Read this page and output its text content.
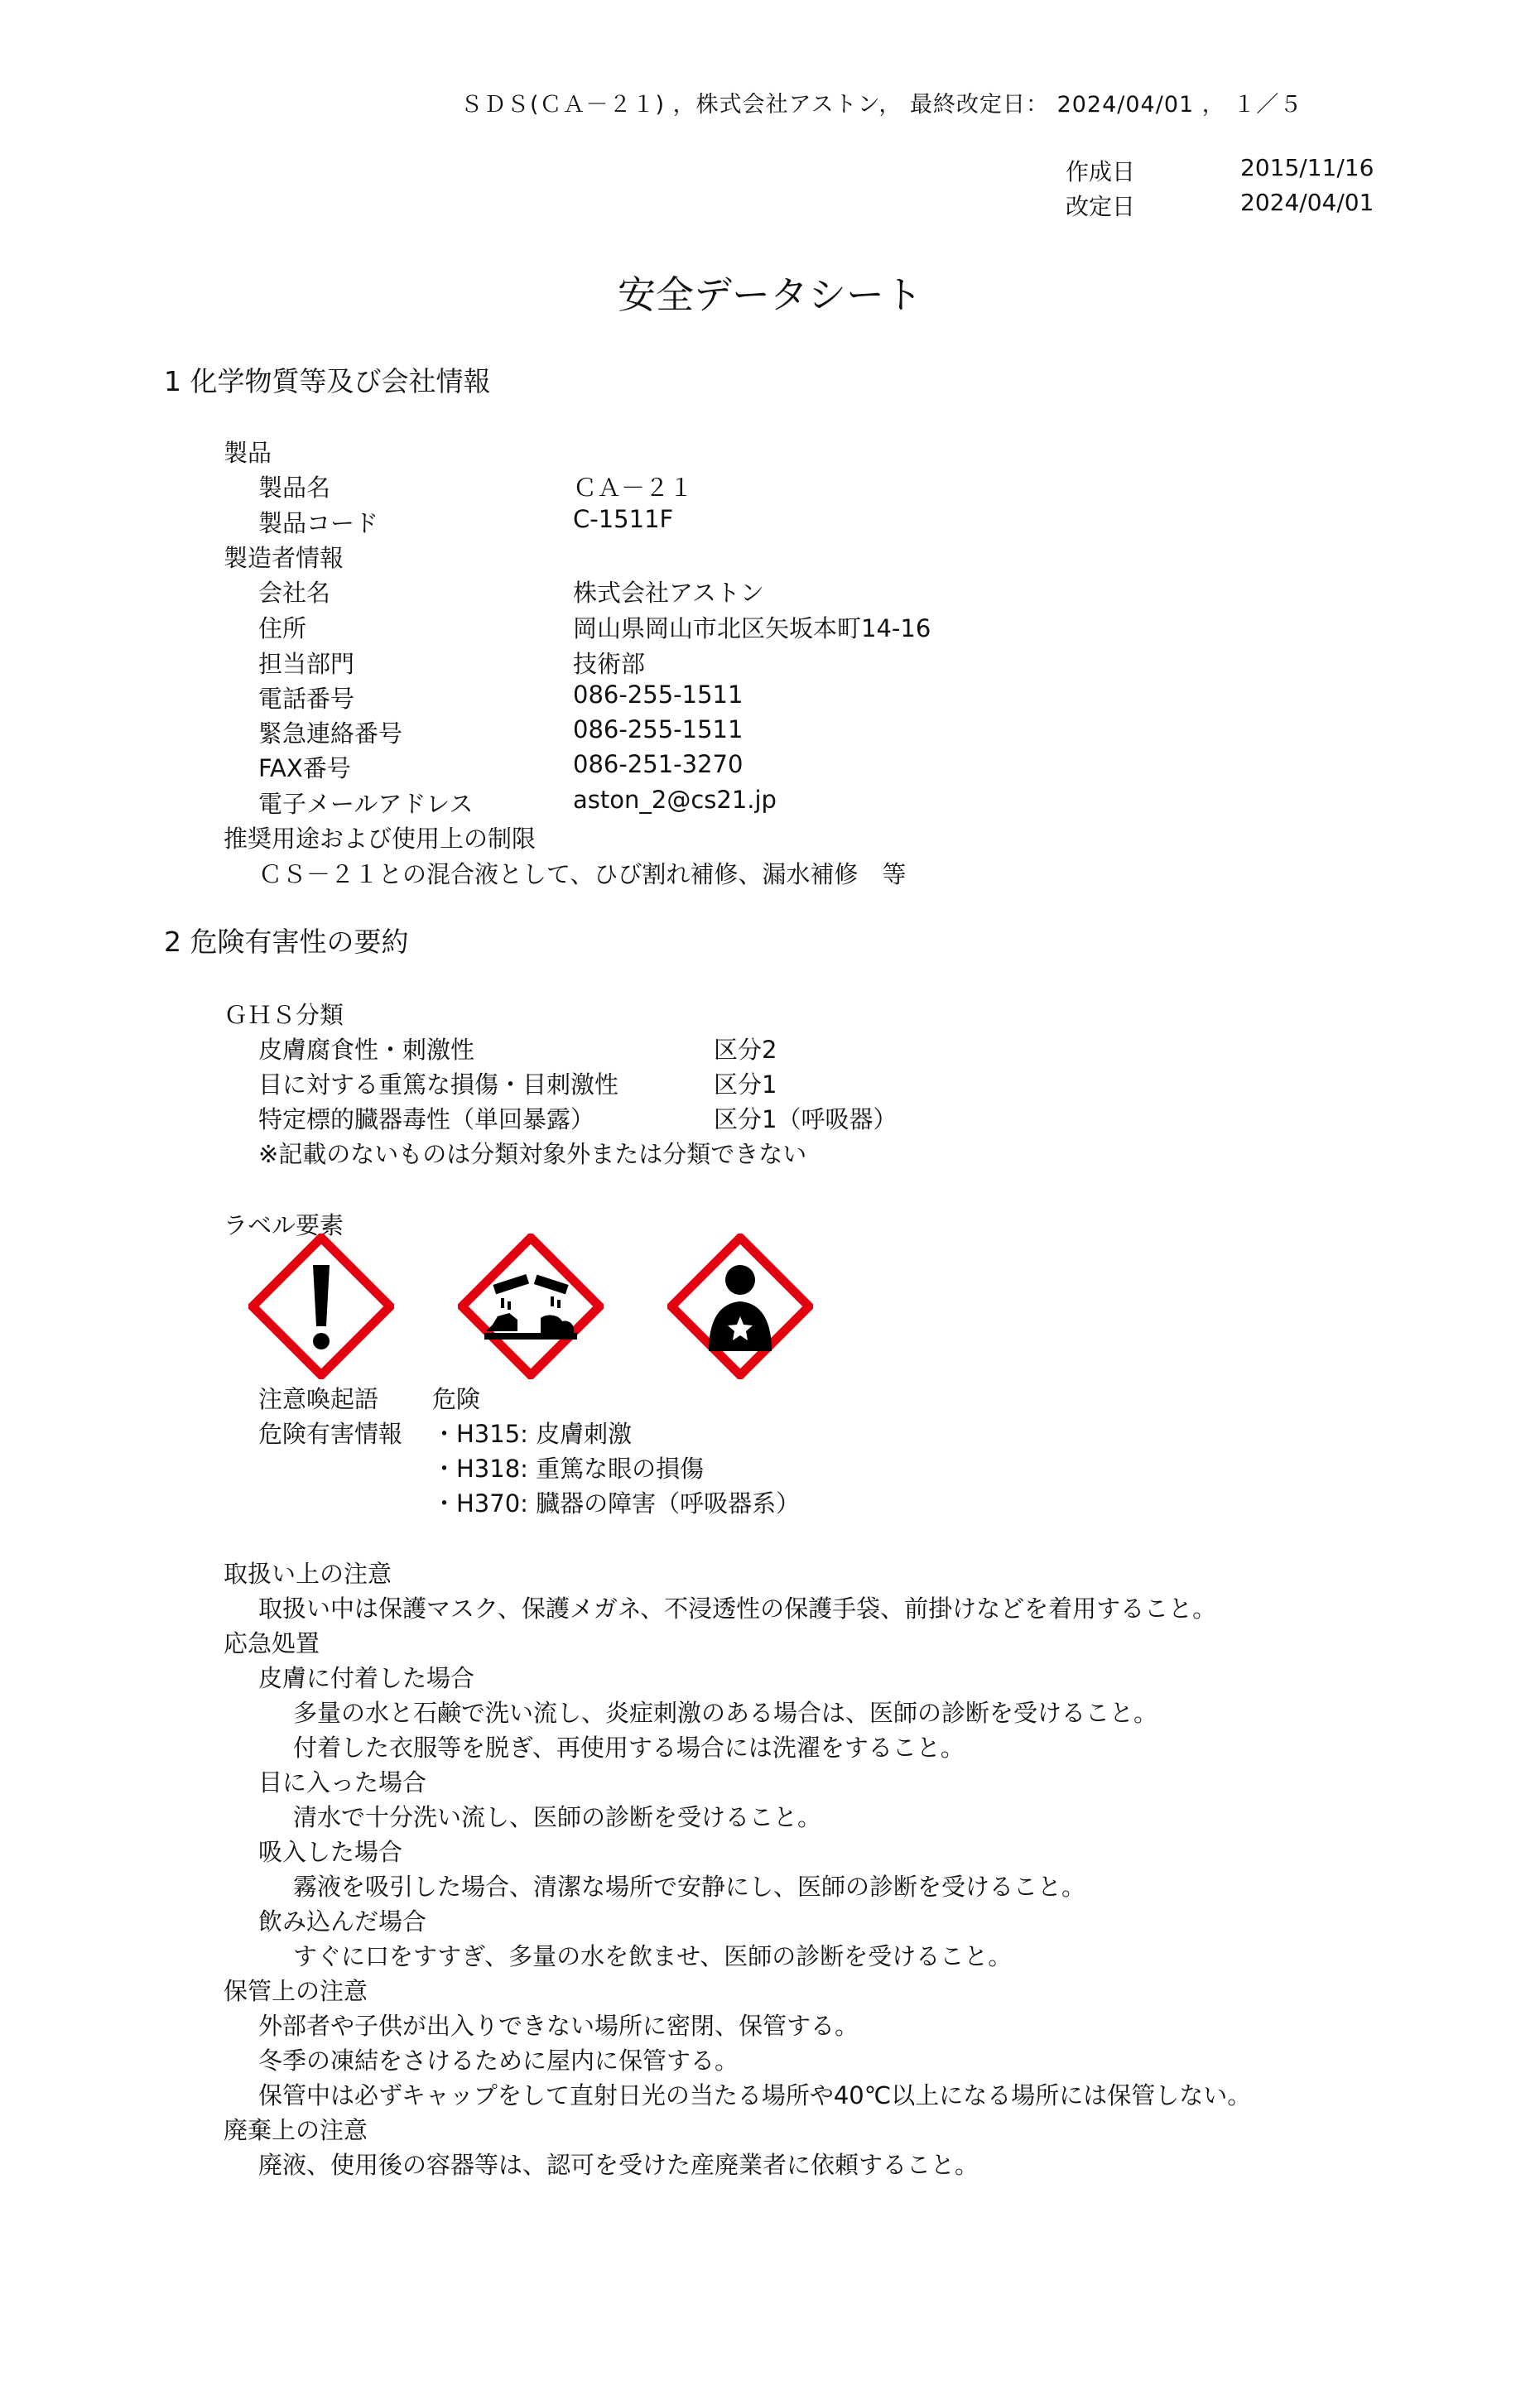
ＳＤＳ(ＣＡ－２１) ，株式会社アストン， 最終改定日： 2024/04/01 ， １／５
作成日	2015/11/16
改定日	2024/04/01
安全データシート
1 化学物質等及び会社情報
製品
製品名	ＣＡ－２１
製品コード	C-1511F
製造者情報
会社名	株式会社アストン
住所	岡山県岡山市北区矢坂本町14-16
担当部門	技術部
電話番号	086-255-1511
緊急連絡番号	086-255-1511
FAX番号	086-251-3270
電子メールアドレス	aston_2@cs21.jp
推奨用途および使用上の制限
ＣＳ－２１との混合液として、ひび割れ補修、漏水補修　等
2 危険有害性の要約
ＧＨＳ分類
皮膚腐食性・刺激性	区分2
目に対する重篤な損傷・目刺激性	区分1
特定標的臓器毒性（単回暴露）	区分1（呼吸器）
※記載のないものは分類対象外または分類できない
ラベル要素
注意喚起語 危険
危険有害情報 ・H315: 皮膚刺激
・H318: 重篤な眼の損傷
・H370: 臓器の障害（呼吸器系）
取扱い上の注意
取扱い中は保護マスク、保護メガネ、不浸透性の保護手袋、前掛けなどを着用すること。
応急処置
皮膚に付着した場合
多量の水と石鹸で洗い流し、炎症刺激のある場合は、医師の診断を受けること。
付着した衣服等を脱ぎ、再使用する場合には洗濯をすること。
目に入った場合
清水で十分洗い流し、医師の診断を受けること。
吸入した場合
霧液を吸引した場合、清潔な場所で安静にし、医師の診断を受けること。
飲み込んだ場合
すぐに口をすすぎ、多量の水を飲ませ、医師の診断を受けること。
保管上の注意
外部者や子供が出入りできない場所に密閉、保管する。
冬季の凍結をさけるために屋内に保管する。
保管中は必ずキャップをして直射日光の当たる場所や40℃以上になる場所には保管しない。
廃棄上の注意
廃液、使用後の容器等は、認可を受けた産廃業者に依頼すること。
